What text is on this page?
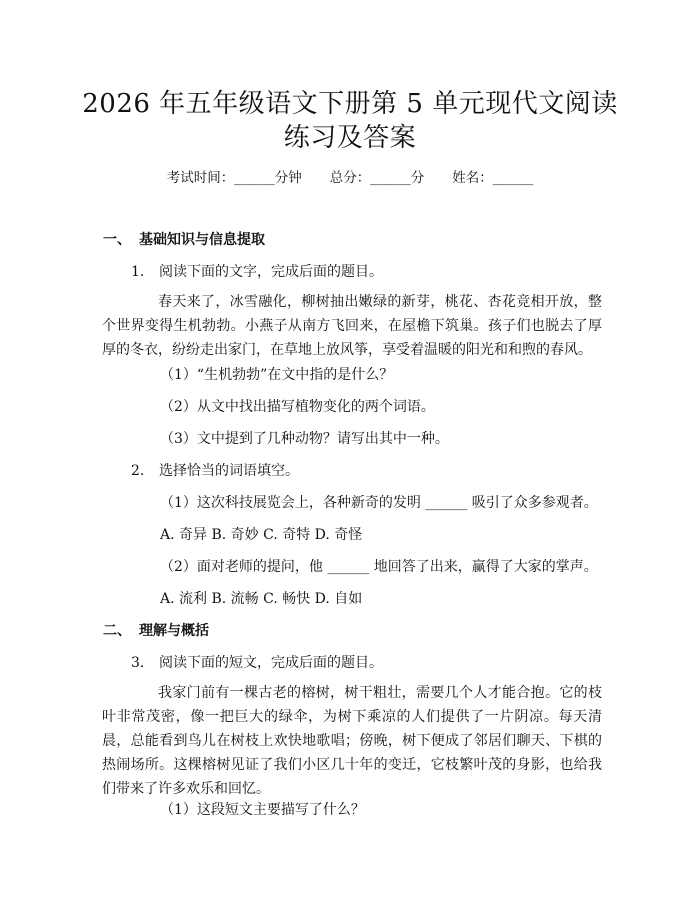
2026 年五年级语文下册第 5 单元现代文阅读
练习及答案
考试时间：______分钟 总分：______分 姓名：______
一、 基础知识与信息提取
1. 阅读下面的文字，完成后面的题目。

春天来了，冰雪融化，柳树抽出嫩绿的新芽，桃花、杏花竞相开放，整个世界变得生机勃勃。小燕子从南方飞回来，在屋檐下筑巢。孩子们也脱去了厚厚的冬衣，纷纷走出家门，在草地上放风筝，享受着温暖的阳光和和煦的春风。

（1）“生机勃勃”在文中指的是什么？
（2）从文中找出描写植物变化的两个词语。
（3）文中提到了几种动物？请写出其中一种。
2. 选择恰当的词语填空。
（1）这次科技展览会上，各种新奇的发明 ______ 吸引了众多参观者。
A. 奇异 B. 奇妙 C. 奇特 D. 奇怪
（2）面对老师的提问，他 ______ 地回答了出来，赢得了大家的掌声。
A. 流利 B. 流畅 C. 畅快 D. 自如
二、 理解与概括
3. 阅读下面的短文，完成后面的题目。

我家门前有一棵古老的榕树，树干粗壮，需要几个人才能合抱。它的枝叶非常茂密，像一把巨大的绿伞，为树下乘凉的人们提供了一片阴凉。每天清晨，总能看到鸟儿在树枝上欢快地歌唱；傍晚，树下便成了邻居们聊天、下棋的热闹场所。这棵榕树见证了我们小区几十年的变迁，它枝繁叶茂的身影，也给我们带来了许多欢乐和回忆。

（1）这段短文主要描写了什么？
